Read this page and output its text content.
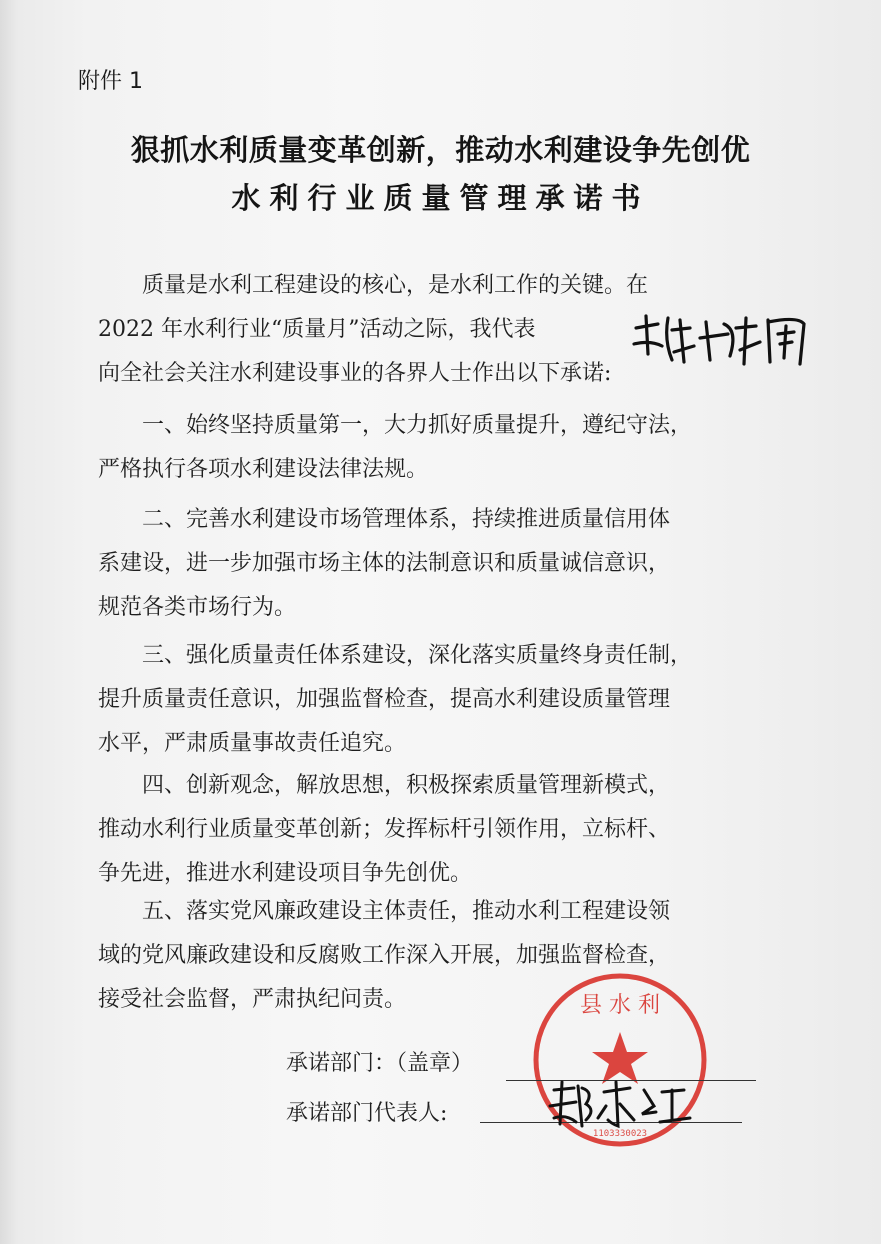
附件 1
狠抓水利质量变革创新，推动水利建设争先创优
水利行业质量管理承诺书
质量是水利工程建设的核心，是水利工作的关键。在
2022 年水利行业“质量月”活动之际，我代表
向全社会关注水利建设事业的各界人士作出以下承诺:
一、始终坚持质量第一，大力抓好质量提升，遵纪守法，
严格执行各项水利建设法律法规。
二、完善水利建设市场管理体系，持续推进质量信用体
系建设，进一步加强市场主体的法制意识和质量诚信意识，
规范各类市场行为。
三、强化质量责任体系建设，深化落实质量终身责任制，
提升质量责任意识，加强监督检查，提高水利建设质量管理
水平，严肃质量事故责任追究。
四、创新观念，解放思想，积极探索质量管理新模式，
推动水利行业质量变革创新；发挥标杆引领作用，立标杆、
争先进，推进水利建设项目争先创优。
五、落实党风廉政建设主体责任，推动水利工程建设领
域的党风廉政建设和反腐败工作深入开展，加强监督检查，
接受社会监督，严肃执纪问责。	县 水 利
1103330023
承诺部门：（盖章）
承诺部门代表人:
